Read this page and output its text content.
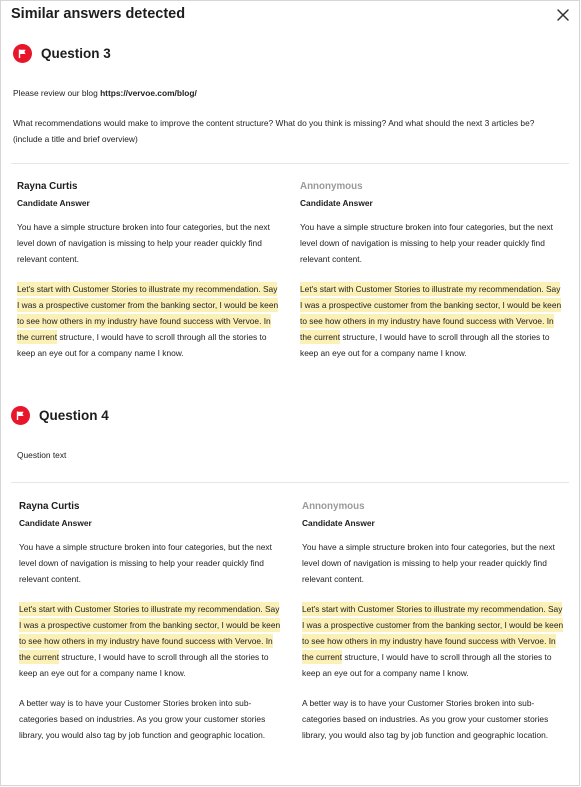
Similar answers detected
Question 3
Please review our blog https://vervoe.com/blog/
What recommendations would make to improve the content structure? What do you think is missing? And what should the next 3 articles be? (include a title and brief overview)
Rayna Curtis
Candidate Answer
You have a simple structure broken into four categories, but the next level down of navigation is missing to help your reader quickly find relevant content.
Let's start with Customer Stories to illustrate my recommendation. Say I was a prospective customer from the banking sector, I would be keen to see how others in my industry have found success with Vervoe. In the current structure, I would have to scroll through all the stories to keep an eye out for a company name I know.
Annonymous
Candidate Answer
You have a simple structure broken into four categories, but the next level down of navigation is missing to help your reader quickly find relevant content.
Let's start with Customer Stories to illustrate my recommendation. Say I was a prospective customer from the banking sector, I would be keen to see how others in my industry have found success with Vervoe. In the current structure, I would have to scroll through all the stories to keep an eye out for a company name I know.
Question 4
Question text
Rayna Curtis
Candidate Answer
You have a simple structure broken into four categories, but the next level down of navigation is missing to help your reader quickly find relevant content.
Let's start with Customer Stories to illustrate my recommendation. Say I was a prospective customer from the banking sector, I would be keen to see how others in my industry have found success with Vervoe. In the current structure, I would have to scroll through all the stories to keep an eye out for a company name I know.
A better way is to have your Customer Stories broken into sub-categories based on industries. As you grow your customer stories library, you would also tag by job function and geographic location.
Annonymous
Candidate Answer
You have a simple structure broken into four categories, but the next level down of navigation is missing to help your reader quickly find relevant content.
Let's start with Customer Stories to illustrate my recommendation. Say I was a prospective customer from the banking sector, I would be keen to see how others in my industry have found success with Vervoe. In the current structure, I would have to scroll through all the stories to keep an eye out for a company name I know.
A better way is to have your Customer Stories broken into sub-categories based on industries. As you grow your customer stories library, you would also tag by job function and geographic location.
